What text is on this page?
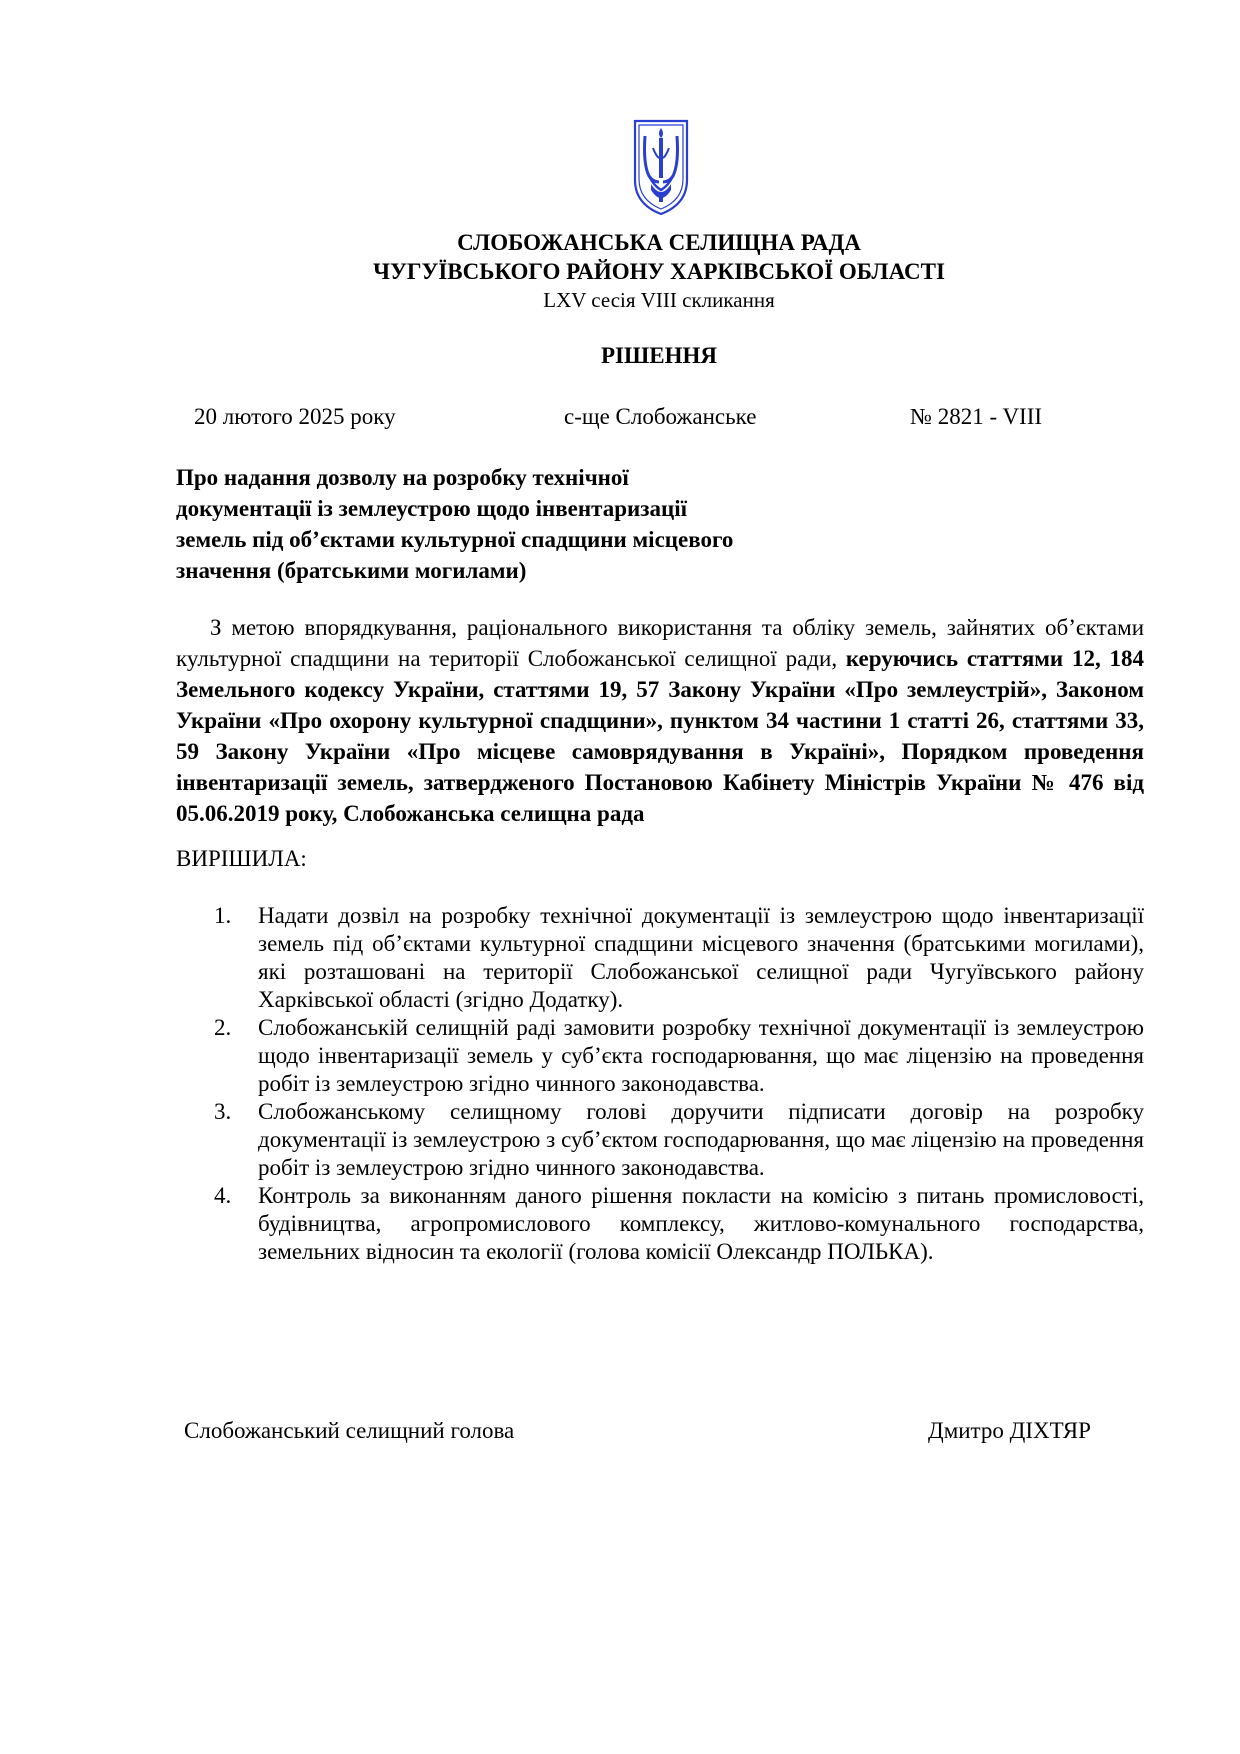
СЛОБОЖАНСЬКА СЕЛИЩНА РАДА
ЧУГУЇВСЬКОГО РАЙОНУ ХАРКІВСЬКОЇ ОБЛАСТІ
LXV сесія VIII скликання
РІШЕННЯ
20 лютого 2025 року	с-ще Слобожанське	№ 2821 - VIII
Про надання дозволу на розробку технічної
документації із землеустрою щодо інвентаризації
земель під об’єктами культурної спадщини місцевого
значення (братськими могилами)
З метою впорядкування, раціонального використання та обліку земель, зайнятих об’єктами культурної спадщини на території Слобожанської селищної ради, керуючись статтями 12, 184 Земельного кодексу України, статтями 19, 57 Закону України «Про землеустрій», Законом України «Про охорону культурної спадщини», пунктом 34 частини 1 статті 26, статтями 33, 59 Закону України «Про місцеве самоврядування в Україні», Порядком проведення інвентаризації земель, затвердженого Постановою Кабінету Міністрів України № 476 від 05.06.2019 року, Слобожанська селищна рада
ВИРІШИЛА:
1. Надати дозвіл на розробку технічної документації із землеустрою щодо інвентаризації земель під об’єктами культурної спадщини місцевого значення (братськими могилами), які розташовані на території Слобожанської селищної ради Чугуївського району Харківської області (згідно Додатку).
2. Слобожанській селищній раді замовити розробку технічної документації із землеустрою щодо інвентаризації земель у суб’єкта господарювання, що має ліцензію на проведення робіт із землеустрою згідно чинного законодавства.
3. Слобожанському селищному голові доручити підписати договір на розробку документації із землеустрою з суб’єктом господарювання, що має ліцензію на проведення робіт із землеустрою згідно чинного законодавства.
4. Контроль за виконанням даного рішення покласти на комісію з питань промисловості, будівництва, агропромислового комплексу, житлово-комунального господарства, земельних відносин та екології (голова комісії Олександр ПОЛЬКА).
Слобожанський селищний голова	Дмитро ДІХТЯР
